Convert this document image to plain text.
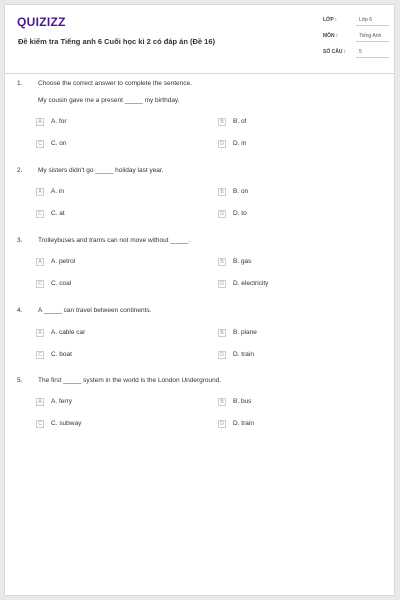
QUIZIZZ
Đề kiểm tra Tiếng anh 6 Cuối học kì 2 có đáp án (Đề 16)
LỚP :	Lớp 6
MÔN :	Tiếng Anh
SỐ CÂU :	5
1. Choose the correct answer to complete the sentence.
My cousin gave me a present _____ my birthday.
A	A. for	B	B. of
C	C. on	D	D. in
2. My sisters didn't go _____ holiday last year.
A	A. in	B	B. on
C	C. at	D	D. to
3. Trolleybuses and trams can not move without _____.
A	A. petrol	B	B. gas
C	C. coal	D	D. electricity
4. A _____ can travel between continents.
A	A. cable car	B	B. plane
C	C. boat	D	D. train
5. The first _____ system in the world is the London Underground.
A	A. ferry	B	B. bus
C	C. subway	D	D. train
